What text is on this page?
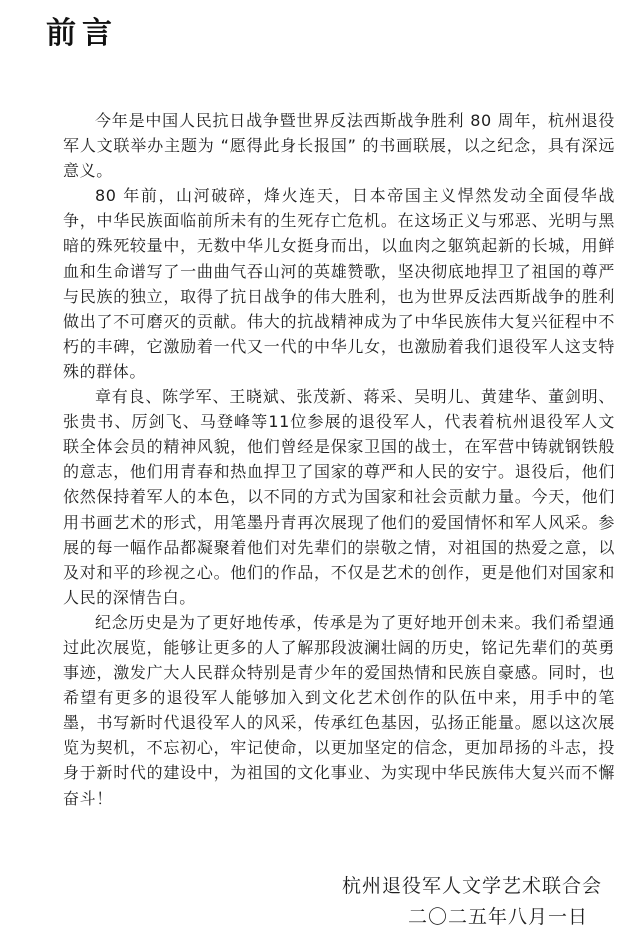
前言

今年是中国人民抗日战争暨世界反法西斯战争胜利 80 周年，杭州退役军人文联举办主题为 “愿得此身长报国” 的书画联展，以之纪念，具有深远意义。

80 年前，山河破碎，烽火连天，日本帝国主义悍然发动全面侵华战争，中华民族面临前所未有的生死存亡危机。在这场正义与邪恶、光明与黑暗的殊死较量中，无数中华儿女挺身而出，以血肉之躯筑起新的长城，用鲜血和生命谱写了一曲曲气吞山河的英雄赞歌，坚决彻底地捍卫了祖国的尊严与民族的独立，取得了抗日战争的伟大胜利，也为世界反法西斯战争的胜利做出了不可磨灭的贡献。伟大的抗战精神成为了中华民族伟大复兴征程中不朽的丰碑，它激励着一代又一代的中华儿女，也激励着我们退役军人这支特殊的群体。

章有良、陈学军、王晓斌、张茂新、蒋采、吴明儿、黄建华、董剑明、张贵书、厉剑飞、马登峰等11位参展的退役军人，代表着杭州退役军人文联全体会员的精神风貌，他们曾经是保家卫国的战士，在军营中铸就钢铁般的意志，他们用青春和热血捍卫了国家的尊严和人民的安宁。退役后，他们依然保持着军人的本色，以不同的方式为国家和社会贡献力量。今天，他们用书画艺术的形式，用笔墨丹青再次展现了他们的爱国情怀和军人风采。参展的每一幅作品都凝聚着他们对先辈们的崇敬之情，对祖国的热爱之意，以及对和平的珍视之心。他们的作品，不仅是艺术的创作，更是他们对国家和人民的深情告白。

纪念历史是为了更好地传承，传承是为了更好地开创未来。我们希望通过此次展览，能够让更多的人了解那段波澜壮阔的历史，铭记先辈们的英勇事迹，激发广大人民群众特别是青少年的爱国热情和民族自豪感。同时，也希望有更多的退役军人能够加入到文化艺术创作的队伍中来，用手中的笔墨，书写新时代退役军人的风采，传承红色基因，弘扬正能量。愿以这次展览为契机，不忘初心，牢记使命，以更加坚定的信念，更加昂扬的斗志，投身于新时代的建设中，为祖国的文化事业、为实现中华民族伟大复兴而不懈奋斗！

杭州退役军人文学艺术联合会

二〇二五年八月一日
